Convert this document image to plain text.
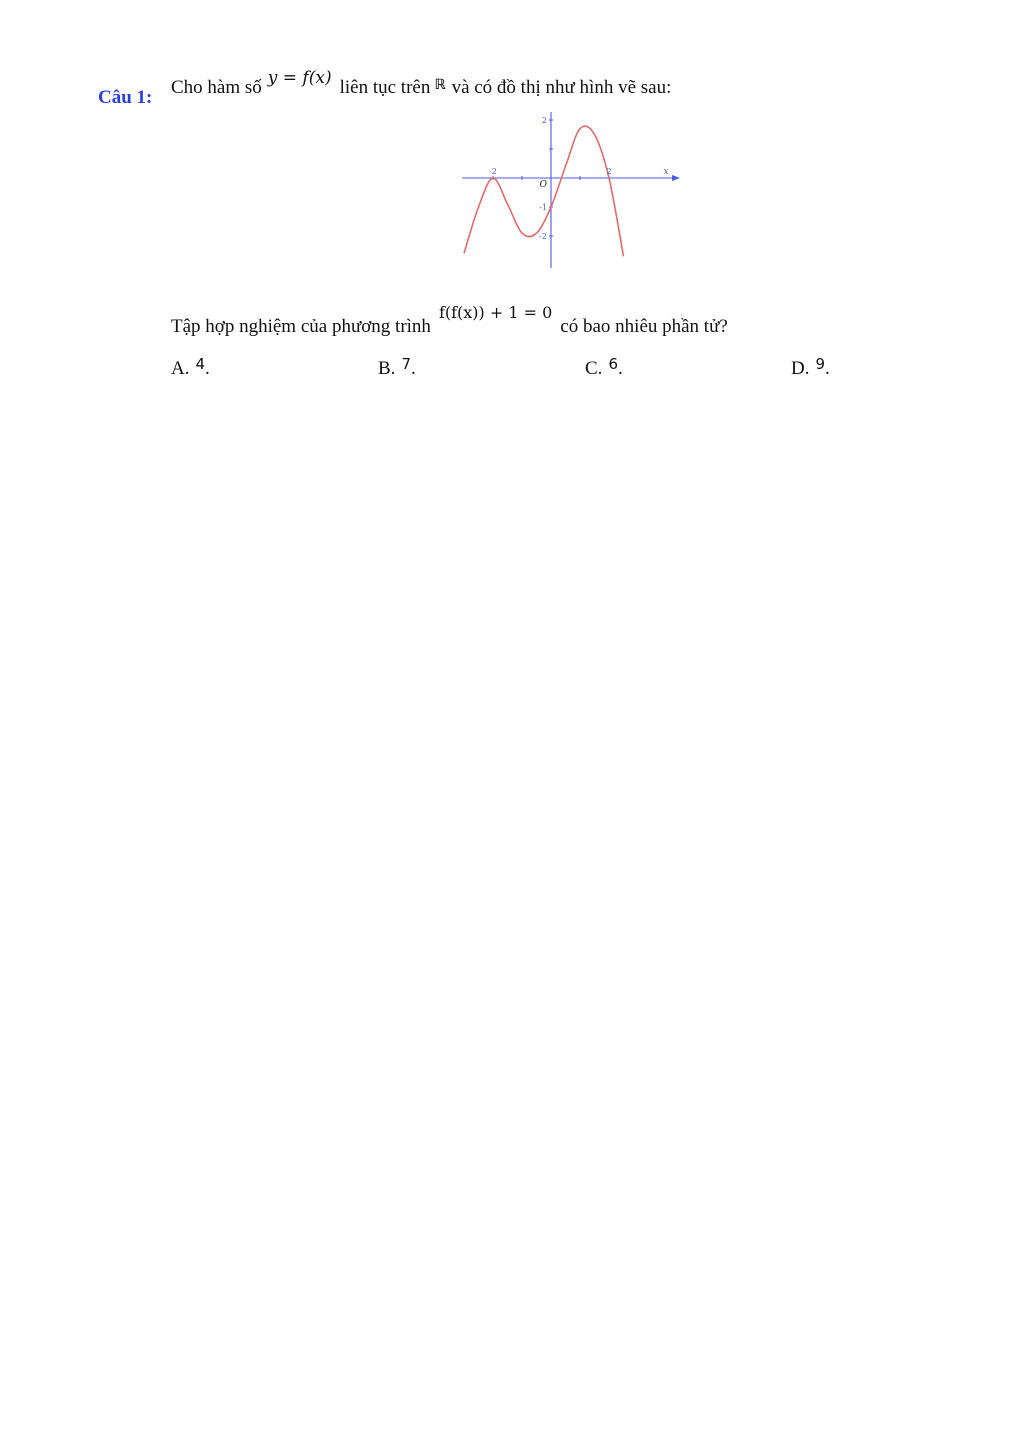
Câu 1: Cho hàm số y = f(x) liên tục trên ℝ và có đồ thị như hình vẽ sau:
x
O
-2	2
2
-1
-2
Tập hợp nghiệm của phương trìnhf(f(x)) + 1 = 0có bao nhiêu phần tử?
A. 4.	B. 7.	C. 6.	D. 9.
